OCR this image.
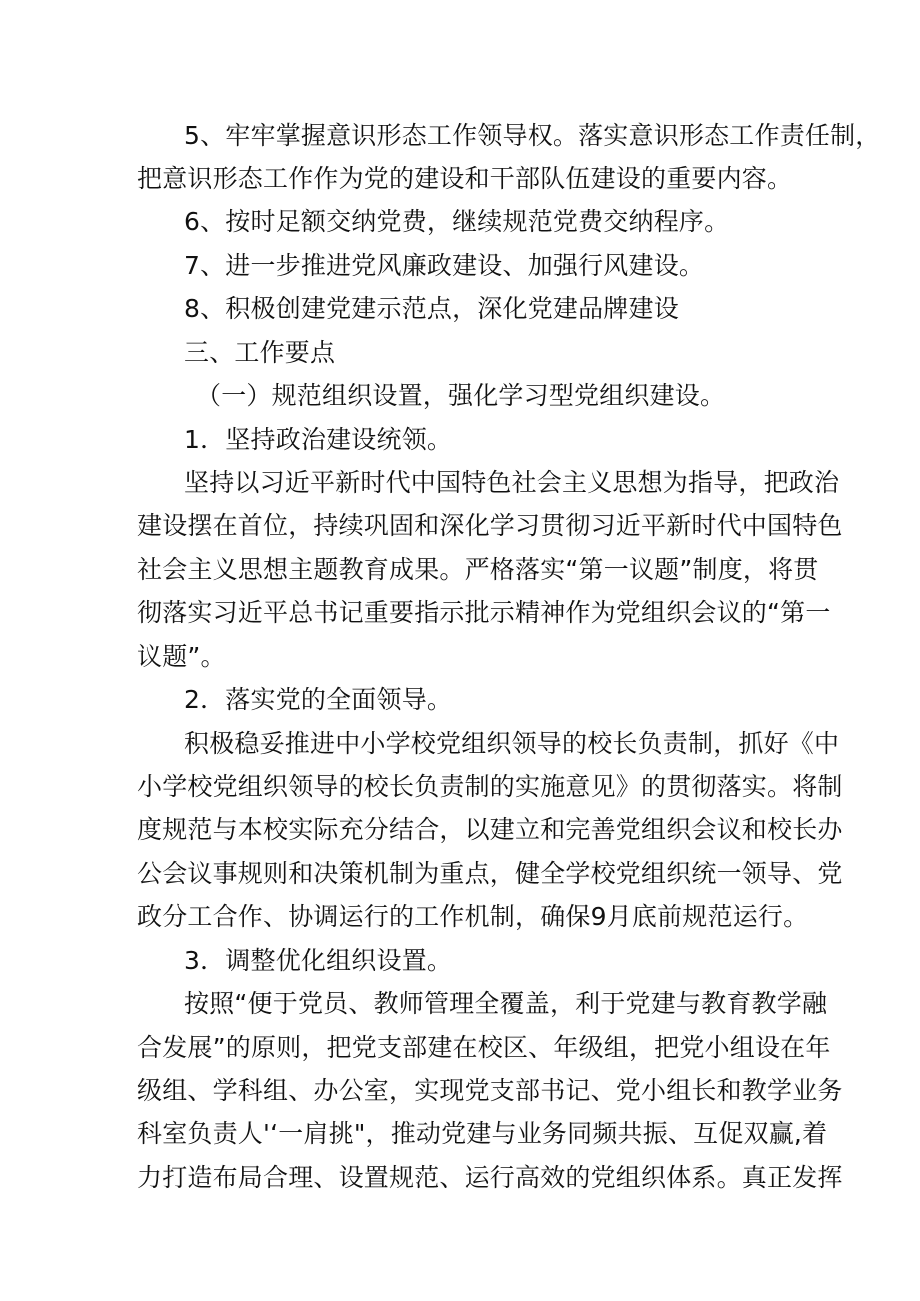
5、牢牢掌握意识形态工作领导权。落实意识形态工作责任制，
把意识形态工作作为党的建设和干部队伍建设的重要内容。
6、按时足额交纳党费，继续规范党费交纳程序。
7、进一步推进党风廉政建设、加强行风建设。
8、积极创建党建示范点，深化党建品牌建设
三、工作要点
（一）规范组织设置，强化学习型党组织建设。
1．坚持政治建设统领。
坚持以习近平新时代中国特色社会主义思想为指导，把政治
建设摆在首位，持续巩固和深化学习贯彻习近平新时代中国特色
社会主义思想主题教育成果。严格落实“第一议题”制度，将贯
彻落实习近平总书记重要指示批示精神作为党组织会议的“第一
议题”。
2．落实党的全面领导。
积极稳妥推进中小学校党组织领导的校长负责制，抓好《中
小学校党组织领导的校长负责制的实施意见》的贯彻落实。将制
度规范与本校实际充分结合，以建立和完善党组织会议和校长办
公会议事规则和决策机制为重点，健全学校党组织统一领导、党
政分工合作、协调运行的工作机制，确保9月底前规范运行。
3．调整优化组织设置。
按照“便于党员、教师管理全覆盖，利于党建与教育教学融
合发展”的原则，把党支部建在校区、年级组，把党小组设在年
级组、学科组、办公室，实现党支部书记、党小组长和教学业务
科室负责人'‘一肩挑"，推动党建与业务同频共振、互促双赢,着
力打造布局合理、设置规范、运行高效的党组织体系。真正发挥
